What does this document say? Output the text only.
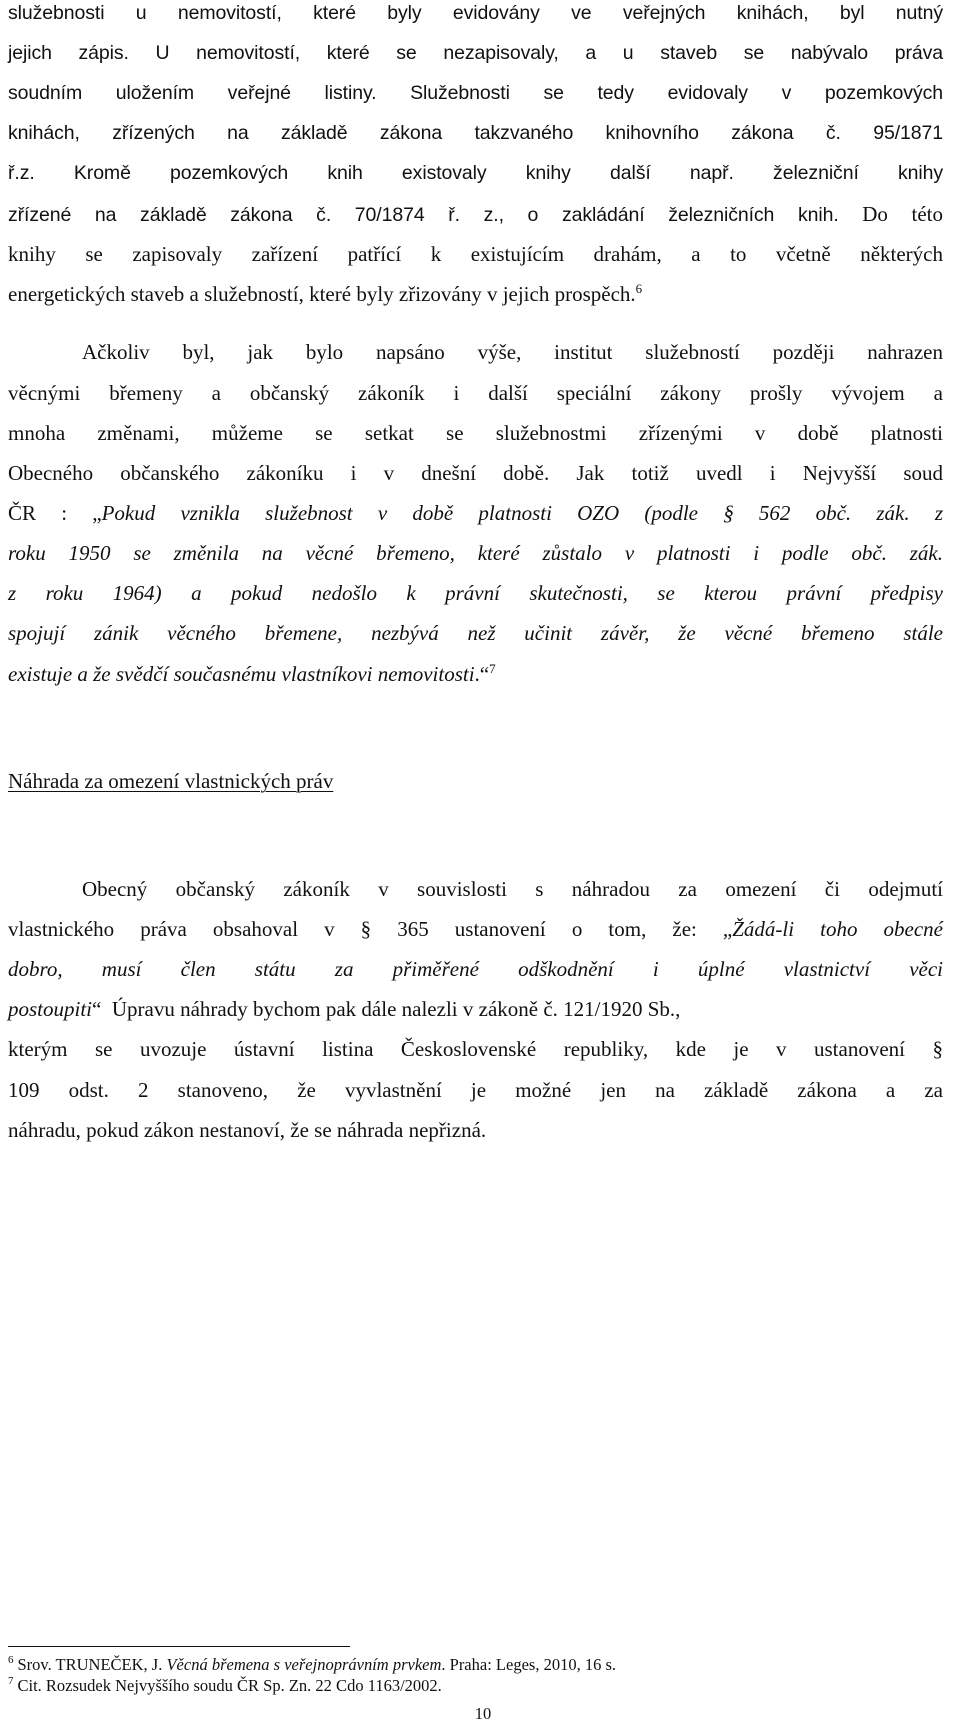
služebnosti u nemovitostí, které byly evidovány ve veřejných knihách, byl nutný
jejich zápis. U nemovitostí, které se nezapisovaly, a u staveb se nabývalo práva
soudním uložením veřejné listiny. Služebnosti se tedy evidovaly v pozemkových
knihách, zřízených na základě zákona takzvaného knihovního zákona č. 95/1871
ř.z. Kromě pozemkových knih existovaly knihy další např. železniční knihy
zřízené na základě zákona č. 70/1874 ř. z., o zakládání železničních knih. Do této
knihy se zapisovaly zařízení patřící k existujícím drahám, a to včetně některých
energetických staveb a služebností, které byly zřizovány v jejich prospěch.$^6$
Ačkoliv byl, jak bylo napsáno výše, institut služebností později nahrazen
věcnými břemeny a občanský zákoník i další speciální zákony prošly vývojem a
mnoha změnami, můžeme se setkat se služebnostmi zřízenými v době platnosti
Obecného občanského zákoníku i v dnešní době. Jak totiž uvedl i Nejvyšší soud
ČR : „Pokud vznikla služebnost v době platnosti OZO (podle § 562 obč. zák. z
roku 1950 se změnila na věcné břemeno, které zůstalo v platnosti i podle obč. zák.
z roku 1964) a pokud nedošlo k právní skutečnosti, se kterou právní předpisy
spojují zánik věcného břemene, nezbývá než učinit závěr, že věcné břemeno stále
existuje a že svědčí současnému vlastníkovi nemovitosti.“$^7$
Náhrada za omezení vlastnických práv
Obecný občanský zákoník v souvislosti s náhradou za omezení či odejmutí
vlastnického práva obsahoval v § 365 ustanovení o tom, že: „Žádá-li toho obecné
dobro, musí člen státu za přiměřené odškodnění i úplné vlastnictví věci
postoupiti“  Úpravu náhrady bychom pak dále nalezli v zákoně č. 121/1920 Sb.,
kterým se uvozuje ústavní listina Československé republiky, kde je v ustanovení §
109 odst. 2 stanoveno, že vyvlastnění je možné jen na základě zákona a za
náhradu, pokud zákon nestanoví, že se náhrada nepřizná.
$^6$ Srov. TRUNEČEK, J. Věcná břemena s veřejnoprávním prvkem. Praha: Leges, 2010, 16 s.
$^7$ Cit. Rozsudek Nejvyššího soudu ČR Sp. Zn. 22 Cdo 1163/2002.
10
